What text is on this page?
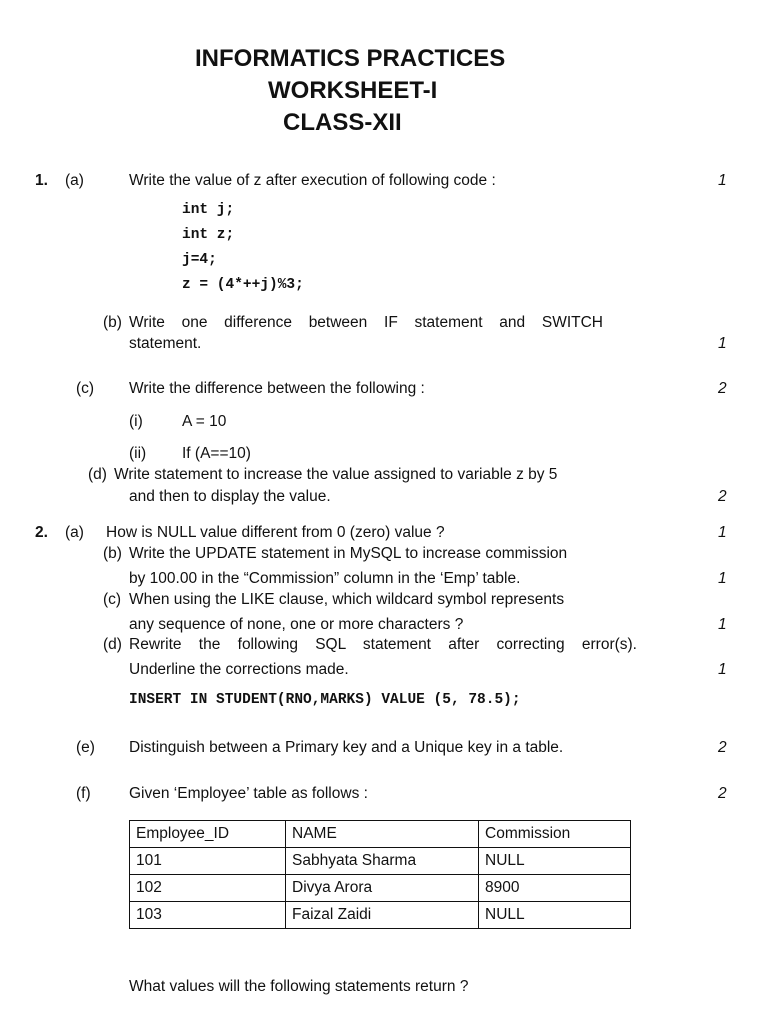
INFORMATICS PRACTICES
WORKSHEET-I
CLASS-XII
1. (a)	Write the value of z after execution of following code :	1
int j;
int z;
j=4;
z = (4*++j)%3;
(b) Write one difference between IF statement and SWITCH
statement.	1
(c) Write the difference between the following :	2
(i)	A = 10
(ii) If (A==10)
(d) Write statement to increase the value assigned to variable z by 5
and then to display the value.	2
2. (a) How is NULL value different from 0 (zero) value ?	1
(b) Write the UPDATE statement in MySQL to increase commission
by 100.00 in the “Commission” column in the ‘Emp’ table.	1
(c) When using the LIKE clause, which wildcard symbol represents
any sequence of none, one or more characters ?	1
(d) Rewrite the following SQL statement after correcting error(s).
Underline the corrections made.	1
INSERT IN STUDENT(RNO,MARKS) VALUE (5, 78.5);
(e) Distinguish between a Primary key and a Unique key in a table.	2
(f) Given ‘Employee’ table as follows :	2
Employee_ID	NAME	Commission
101	Sabhyata Sharma	NULL
102	Divya Arora	8900
103	Faizal Zaidi	NULL
What values will the following statements return ?
